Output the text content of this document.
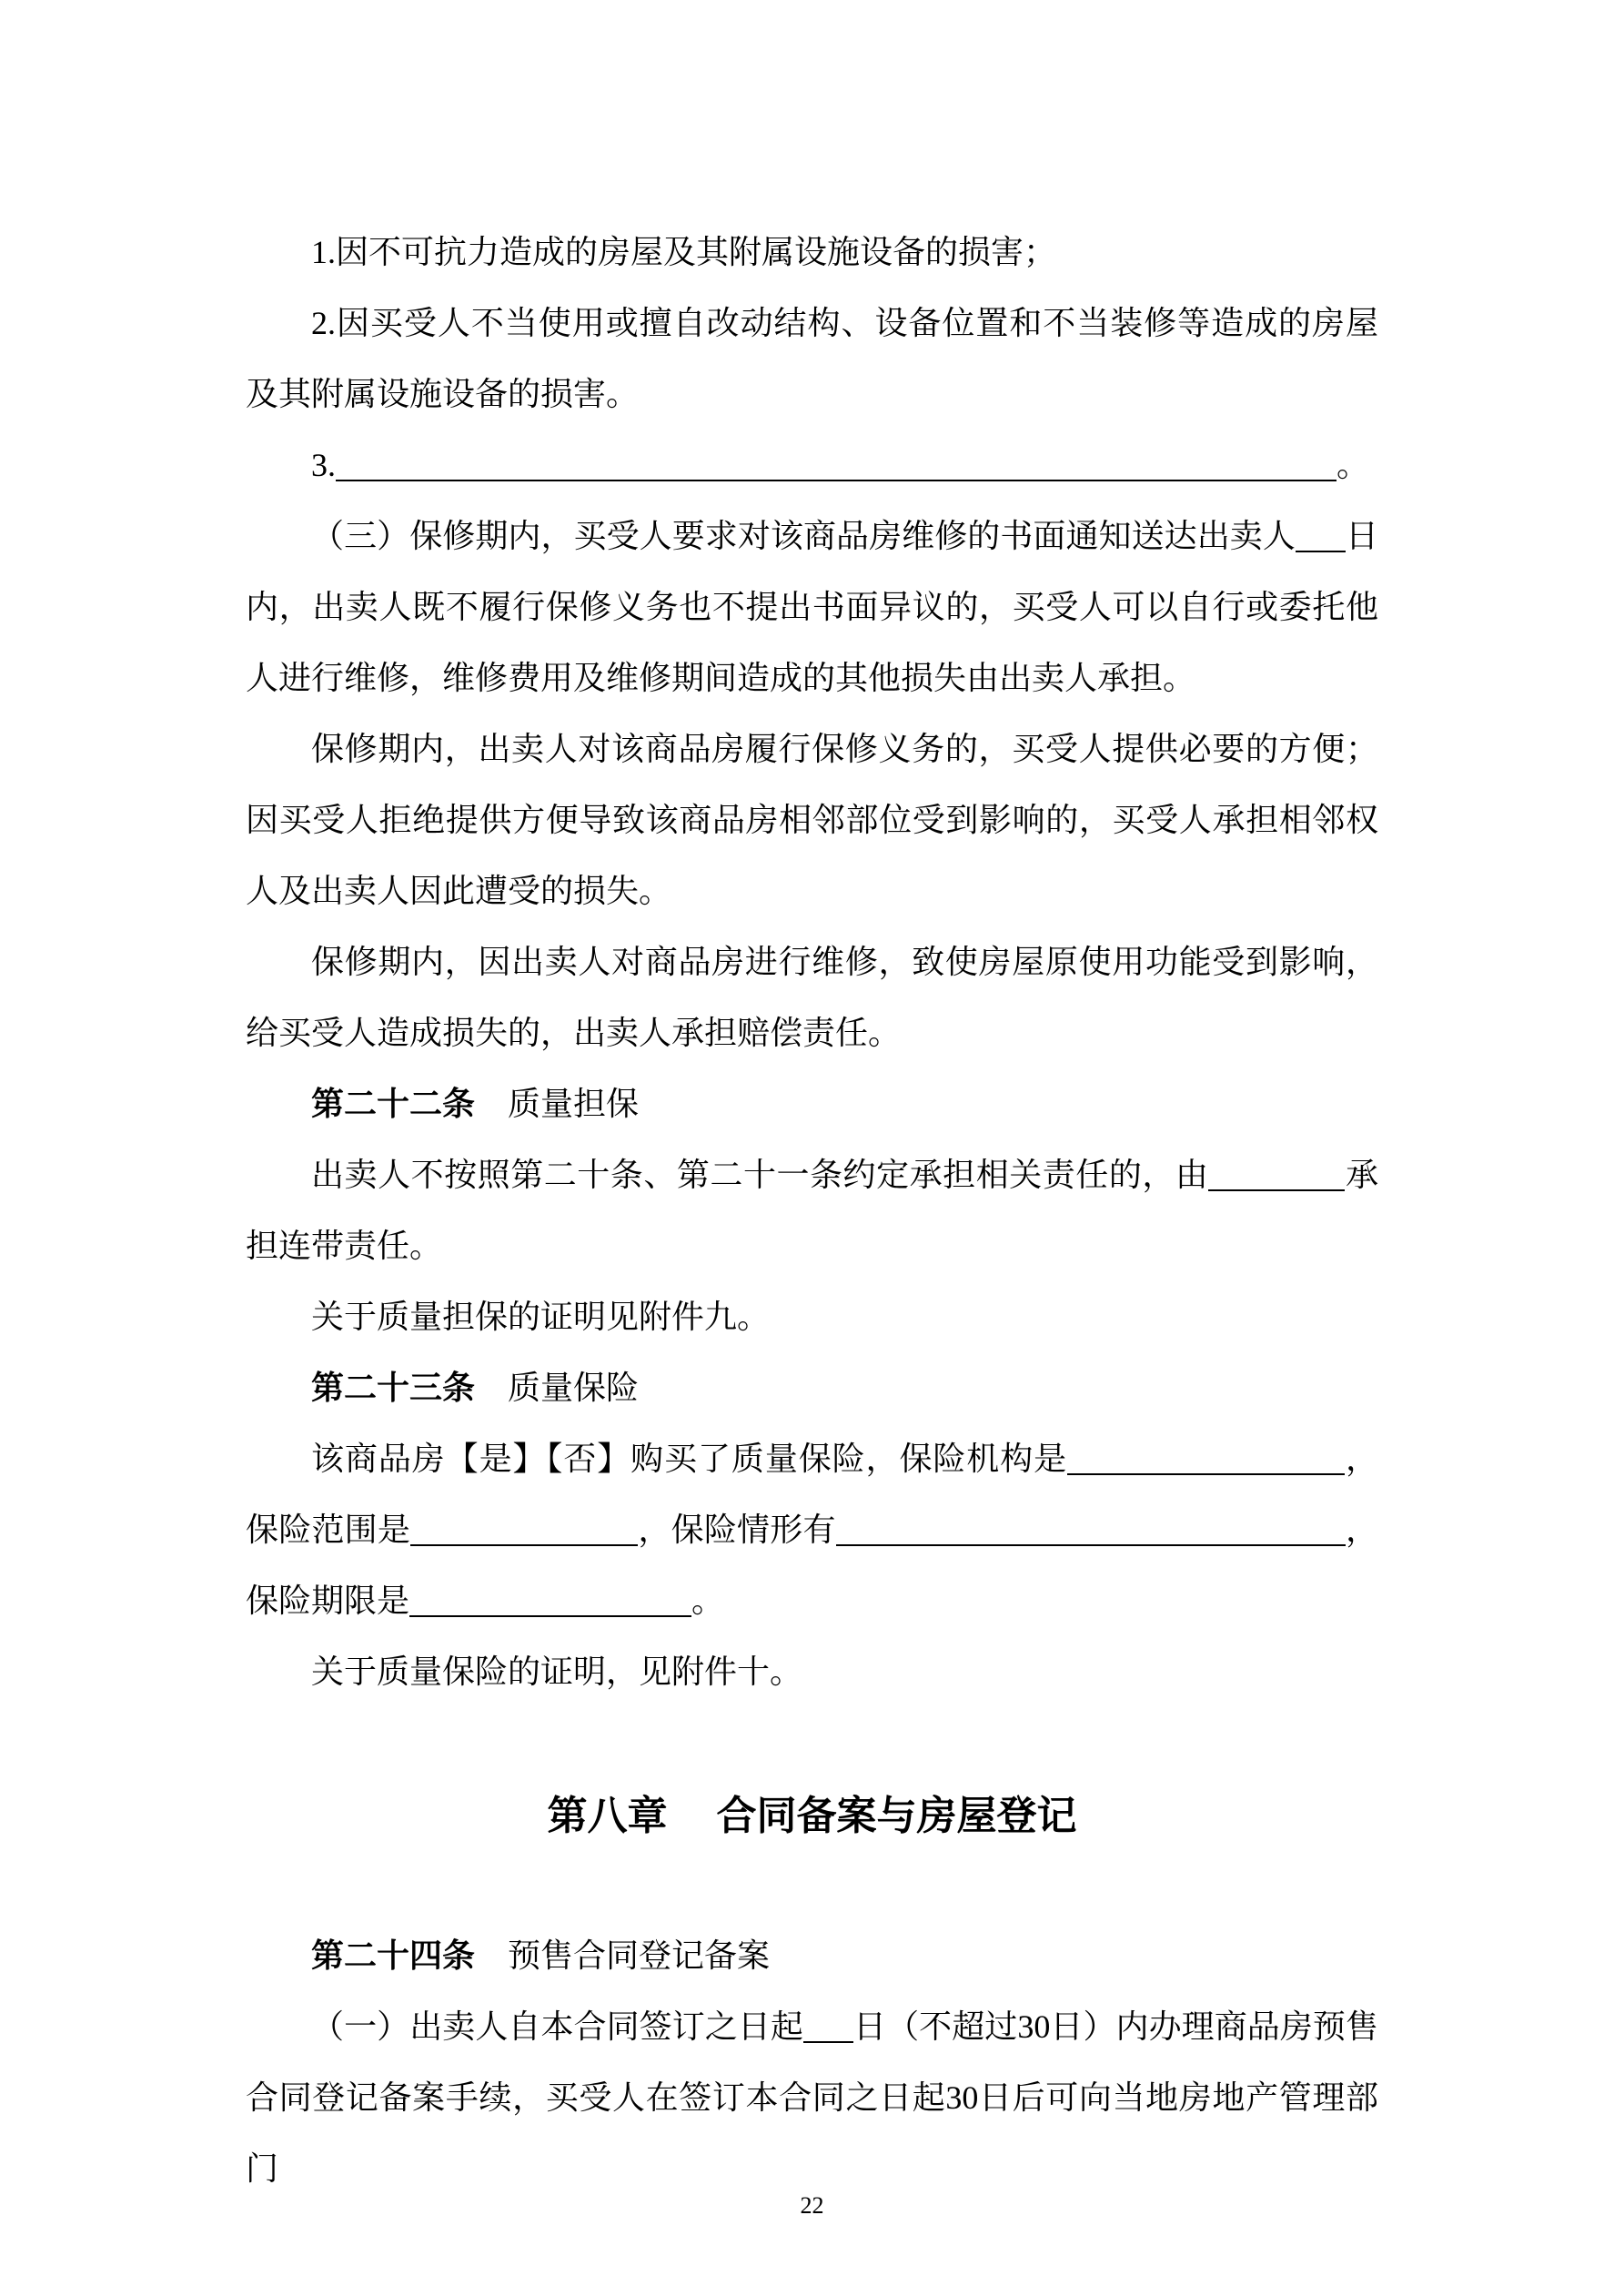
1.因不可抗力造成的房屋及其附属设施设备的损害；

2.因买受人不当使用或擅自改动结构、设备位置和不当装修等造成的房屋及其附属设施设备的损害。

3.	。

（三）保修期内，买受人要求对该商品房维修的书面通知送达出卖人 日内，出卖人既不履行保修义务也不提出书面异议的，买受人可以自行或委托他人进行维修，维修费用及维修期间造成的其他损失由出卖人承担。

保修期内，出卖人对该商品房履行保修义务的，买受人提供必要的方便；因买受人拒绝提供方便导致该商品房相邻部位受到影响的，买受人承担相邻权人及出卖人因此遭受的损失。

保修期内，因出卖人对商品房进行维修，致使房屋原使用功能受到影响，给买受人造成损失的，出卖人承担赔偿责任。

第二十二条 质量担保

出卖人不按照第二十条、第二十一条约定承担相关责任的，由	承担连带责任。

关于质量担保的证明见附件九。

第二十三条 质量保险

该商品房【是】【否】购买了质量保险，保险机构是	，保险范围是	，保险情形有	，保险期限是	。

关于质量保险的证明，见附件十。

第八章 合同备案与房屋登记

第二十四条 预售合同登记备案

（一）出卖人自本合同签订之日起 日（不超过30日）内办理商品房预售合同登记备案手续，买受人在签订本合同之日起30日后可向当地房地产管理部门

22
